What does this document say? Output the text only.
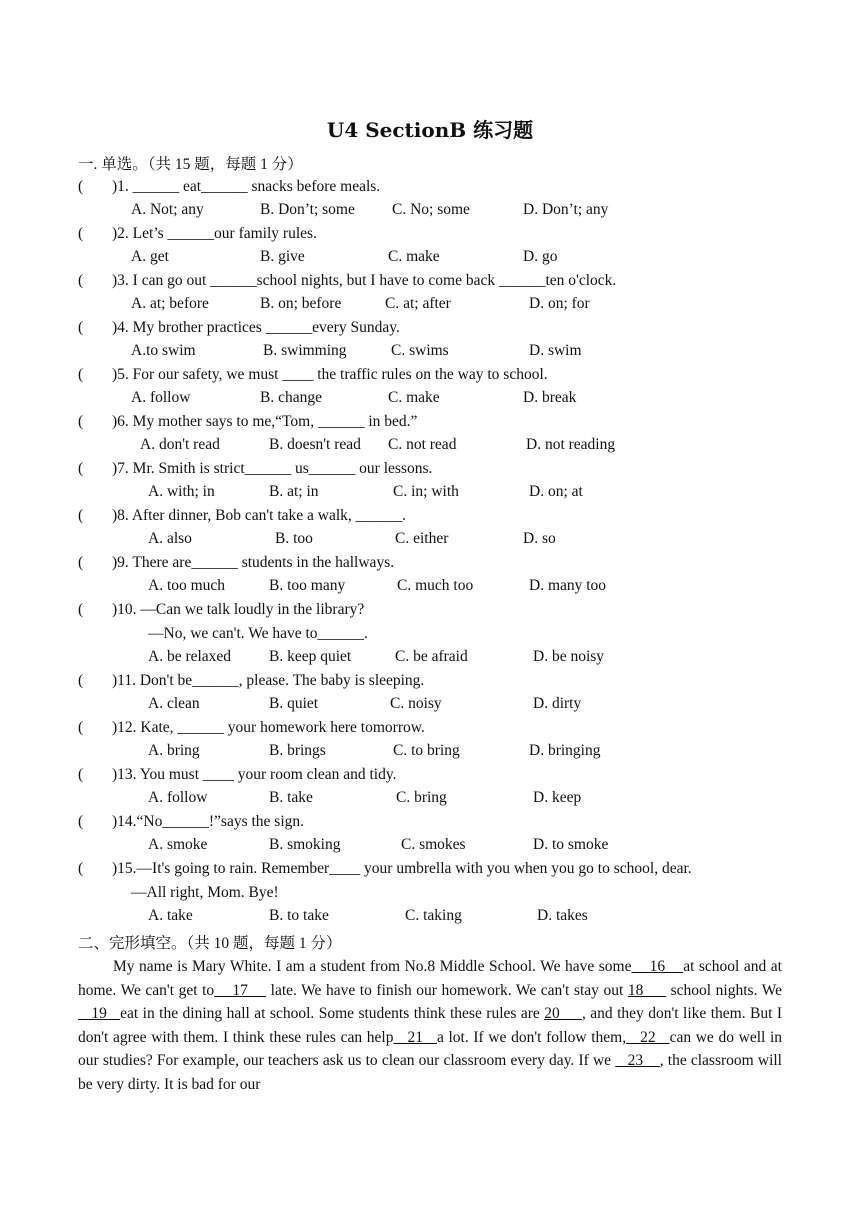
U4 SectionB 练习题
一. 单选。（共 15 题，每题 1 分）
( )1. ______ eat______ snacks before meals.
A. Not; any	B. Don’t; some C. No; some	D. Don’t; any
( )2. Let’s ______our family rules.
A. get	B. give	C. make	D. go
( )3. I can go out ______school nights, but I have to come back ______ten o'clock.
A. at; before	B. on; before	C. at; after	D. on; for
( )4. My brother practices ______every Sunday.
A.to swim	B. swimming	C. swims	D. swim
( )5. For our safety, we must ____ the traffic rules on the way to school.
A. follow	B. change	C. make	D. break
( )6. My mother says to me,“Tom, ______ in bed.”
A. don't read	B. doesn't read C. not read	D. not reading
( )7. Mr. Smith is strict______ us______ our lessons.
A. with; in	B. at; in	C. in; with	D. on; at
( )8. After dinner, Bob can't take a walk, ______.
A. also	B. too	C. either	D. so
( )9. There are______ students in the hallways.
A. too much	B. too many	C. much too	D. many too
( )10. —Can we talk loudly in the library?
—No, we can't. We have to______.
A. be relaxed B. keep quiet	C. be afraid	D. be noisy
( )11. Don't be______, please. The baby is sleeping.
A. clean	B. quiet	C. noisy	D. dirty
( )12. Kate, ______ your homework here tomorrow.
A. bring	B. brings	C. to bring	D. bringing
( )13. You must ____ your room clean and tidy.
A. follow	B. take	C. bring	D. keep
( )14.“No______!”says the sign.
A. smoke	B. smoking	C. smokes	D. to smoke
( )15.—It's going to rain. Remember____ your umbrella with you when you go to school, dear.
—All right, Mom. Bye!
A. take	B. to take	C. taking	D. takes
二、完形填空。（共 10 题，每题 1 分）
My name is Mary White. I am a student from No.8 Middle School. We have some    16    at school and at home. We can't get to    17     late. We have to finish our homework. We can't stay out 18      school nights. We    19   eat in the dining hall at school. Some students think these rules are 20     , and they don't like them. But I don't agree with them. I think these rules can help   21   a lot. If we don't follow them,   22   can we do well in our studies? For example, our teachers ask us to clean our classroom every day. If we    23    , the classroom will be very dirty. It is bad for our
